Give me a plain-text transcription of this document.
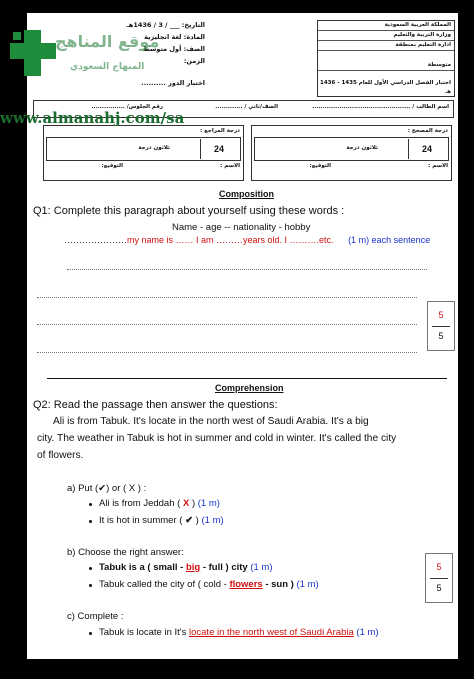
المملكة العربية السعودية
وزارة التربية والتعليم
ادارة التعليم بمنطقة
متوسطة
اختبار الفصل الدراسي الأول للعام 1435 - 1436 هـ
التاريخ: ___ / 3 / 1436هـ
المادة: لغة انجليزية
الصف: أول متوسط
الزمن:
اختبار الدور ..........
اسم الطالب / ...............................................
الصف/ثاني / .............
رقم الجلوس/ ................
درجة المصحح :
24
ثلاثون درجة
الاسم :
التوقيع:
درجة المراجع :
24
ثلاثون درجة
الاسم :
التوقيع:
Composition
Q1: Complete this paragraph about yourself using these words :
Name - age -- nationality - hobby
…………………my name is …… I am ………years old. I ……….etc. (1 m) each sentence
5
5
Comprehension
Q2: Read the passage then answer the questions:
Ali is from Tabuk. It's locate in the north west of Saudi Arabia. It's a big
city. The weather in Tabuk is hot in summer and cold in winter. It's called the city
of flowers.
a) Put (✔) or ( X ) :
Ali is from Jeddah ( X ) (1 m)
It is hot in summer ( ✔ ) (1 m)
b) Choose the right answer:
Tabuk is a ( small - big - full ) city (1 m)
Tabuk called the city of ( cold - flowers - sun ) (1 m)
5
5
c) Complete :
Tabuk is locate in It's locate in the north west of Saudi Arabia (1 m)
موقع المناهج
المنهاج السعودي
www.almanahj.com/sa
